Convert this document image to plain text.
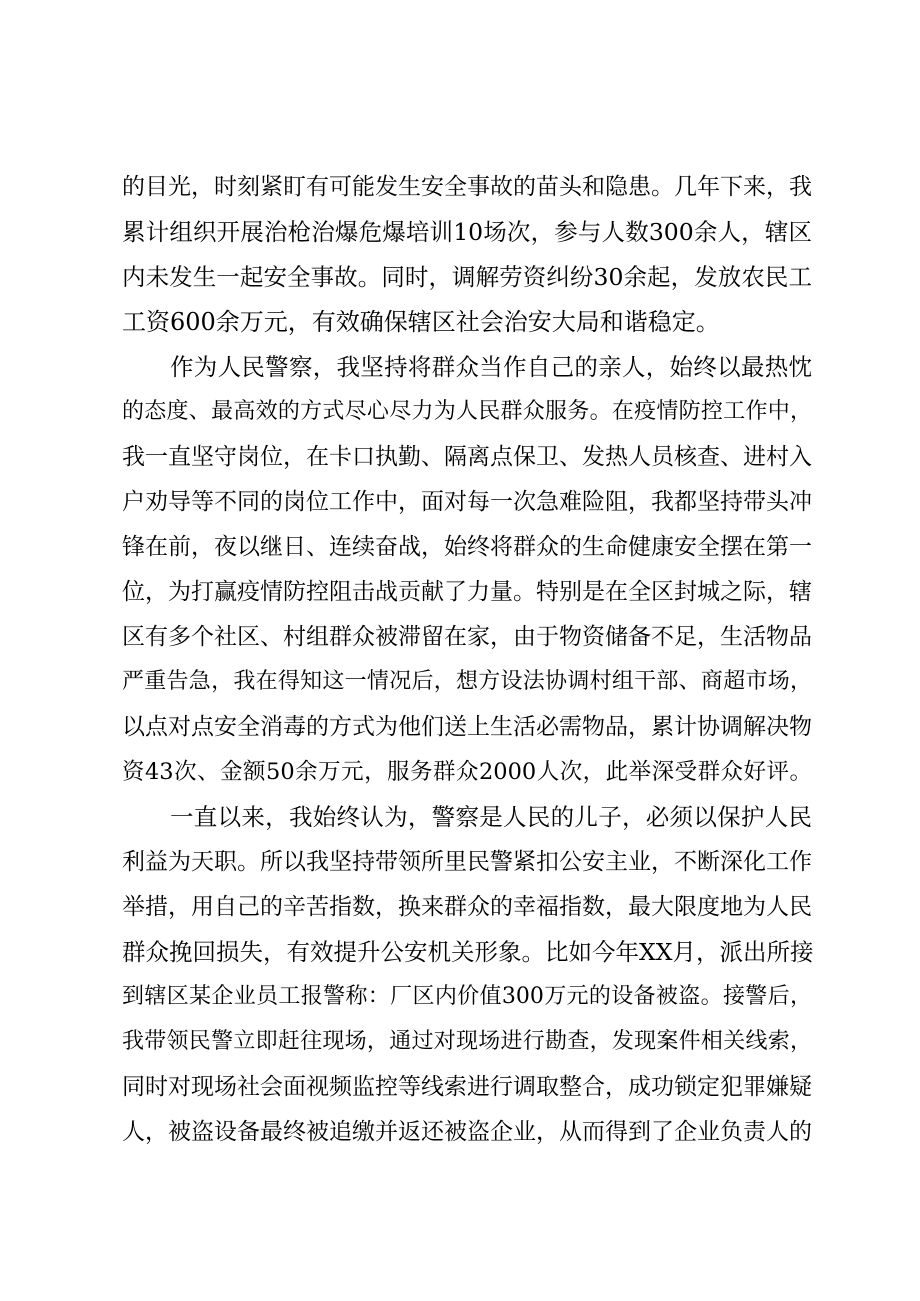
的目光，时刻紧盯有可能发生安全事故的苗头和隐患。几年下来，我
累计组织开展治枪治爆危爆培训10场次，参与人数300余人，辖区
内未发生一起安全事故。同时，调解劳资纠纷30余起，发放农民工
工资600余万元，有效确保辖区社会治安大局和谐稳定。
作为人民警察，我坚持将群众当作自己的亲人，始终以最热忱
的态度、最高效的方式尽心尽力为人民群众服务。在疫情防控工作中，
我一直坚守岗位，在卡口执勤、隔离点保卫、发热人员核查、进村入
户劝导等不同的岗位工作中，面对每一次急难险阻，我都坚持带头冲
锋在前，夜以继日、连续奋战，始终将群众的生命健康安全摆在第一
位，为打赢疫情防控阻击战贡献了力量。特别是在全区封城之际，辖
区有多个社区、村组群众被滞留在家，由于物资储备不足，生活物品
严重告急，我在得知这一情况后，想方设法协调村组干部、商超市场，
以点对点安全消毒的方式为他们送上生活必需物品，累计协调解决物
资43次、金额50余万元，服务群众2000人次，此举深受群众好评。
一直以来，我始终认为，警察是人民的儿子，必须以保护人民
利益为天职。所以我坚持带领所里民警紧扣公安主业，不断深化工作
举措，用自己的辛苦指数，换来群众的幸福指数，最大限度地为人民
群众挽回损失，有效提升公安机关形象。比如今年XX月，派出所接
到辖区某企业员工报警称：厂区内价值300万元的设备被盗。接警后，
我带领民警立即赶往现场，通过对现场进行勘查，发现案件相关线索，
同时对现场社会面视频监控等线索进行调取整合，成功锁定犯罪嫌疑
人，被盗设备最终被追缴并返还被盗企业，从而得到了企业负责人的
